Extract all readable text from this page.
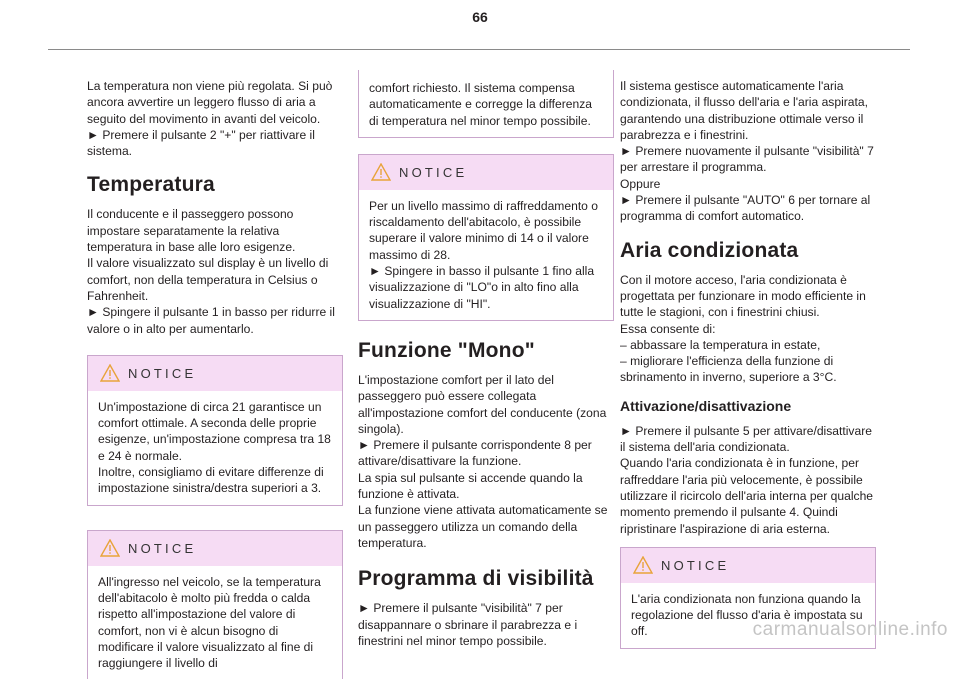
66

La temperatura non viene più regolata. Si può ancora avvertire un leggero flusso di aria a seguito del movimento in avanti del veicolo.
► Premere il pulsante 2 "+" per riattivare il sistema.

Temperatura

Il conducente e il passeggero possono impostare separatamente la relativa temperatura in base alle loro esigenze.
Il valore visualizzato sul display è un livello di comfort, non della temperatura in Celsius o Fahrenheit.
► Spingere il pulsante 1 in basso per ridurre il valore o in alto per aumentarlo.

NOTICE
Un'impostazione di circa 21 garantisce un comfort ottimale. A seconda delle proprie esigenze, un'impostazione compresa tra 18 e 24 è normale.
Inoltre, consigliamo di evitare differenze di impostazione sinistra/destra superiori a 3.
NOTICE
All'ingresso nel veicolo, se la temperatura dell'abitacolo è molto più fredda o calda rispetto all'impostazione del valore di comfort, non vi è alcun bisogno di modificare il valore visualizzato al fine di raggiungere il livello di
comfort richiesto. Il sistema compensa automaticamente e corregge la differenza di temperatura nel minor tempo possibile.
NOTICE
Per un livello massimo di raffreddamento o riscaldamento dell'abitacolo, è possibile superare il valore minimo di 14 o il valore massimo di 28.
► Spingere in basso il pulsante 1 fino alla visualizzazione di "LO"o in alto fino alla visualizzazione di "HI".
Funzione "Mono"

L'impostazione comfort per il lato del passeggero può essere collegata all'impostazione comfort del conducente (zona singola).
► Premere il pulsante corrispondente 8 per attivare/disattivare la funzione.
La spia sul pulsante si accende quando la funzione è attivata.
La funzione viene attivata automaticamente se un passeggero utilizza un comando della temperatura.

Programma di visibilità

► Premere il pulsante "visibilità" 7 per disappannare o sbrinare il parabrezza e i finestrini nel minor tempo possibile.

Il sistema gestisce automaticamente l'aria condizionata, il flusso dell'aria e l'aria aspirata, garantendo una distribuzione ottimale verso il parabrezza e i finestrini.
► Premere nuovamente il pulsante "visibilità" 7 per arrestare il programma.
Oppure
► Premere il pulsante "AUTO" 6 per tornare al programma di comfort automatico.

Aria condizionata

Con il motore acceso, l'aria condizionata è progettata per funzionare in modo efficiente in tutte le stagioni, con i finestrini chiusi.
Essa consente di:
– abbassare la temperatura in estate,
– migliorare l'efficienza della funzione di sbrinamento in inverno, superiore a 3°C.

Attivazione/disattivazione

► Premere il pulsante 5 per attivare/disattivare il sistema dell'aria condizionata.
Quando l'aria condizionata è in funzione, per raffreddare l'aria più velocemente, è possibile utilizzare il ricircolo dell'aria interna per qualche momento premendo il pulsante 4. Quindi ripristinare l'aspirazione di aria esterna.

NOTICE
L'aria condizionata non funziona quando la regolazione del flusso d'aria è impostata su off.	carmanualsonline.info
